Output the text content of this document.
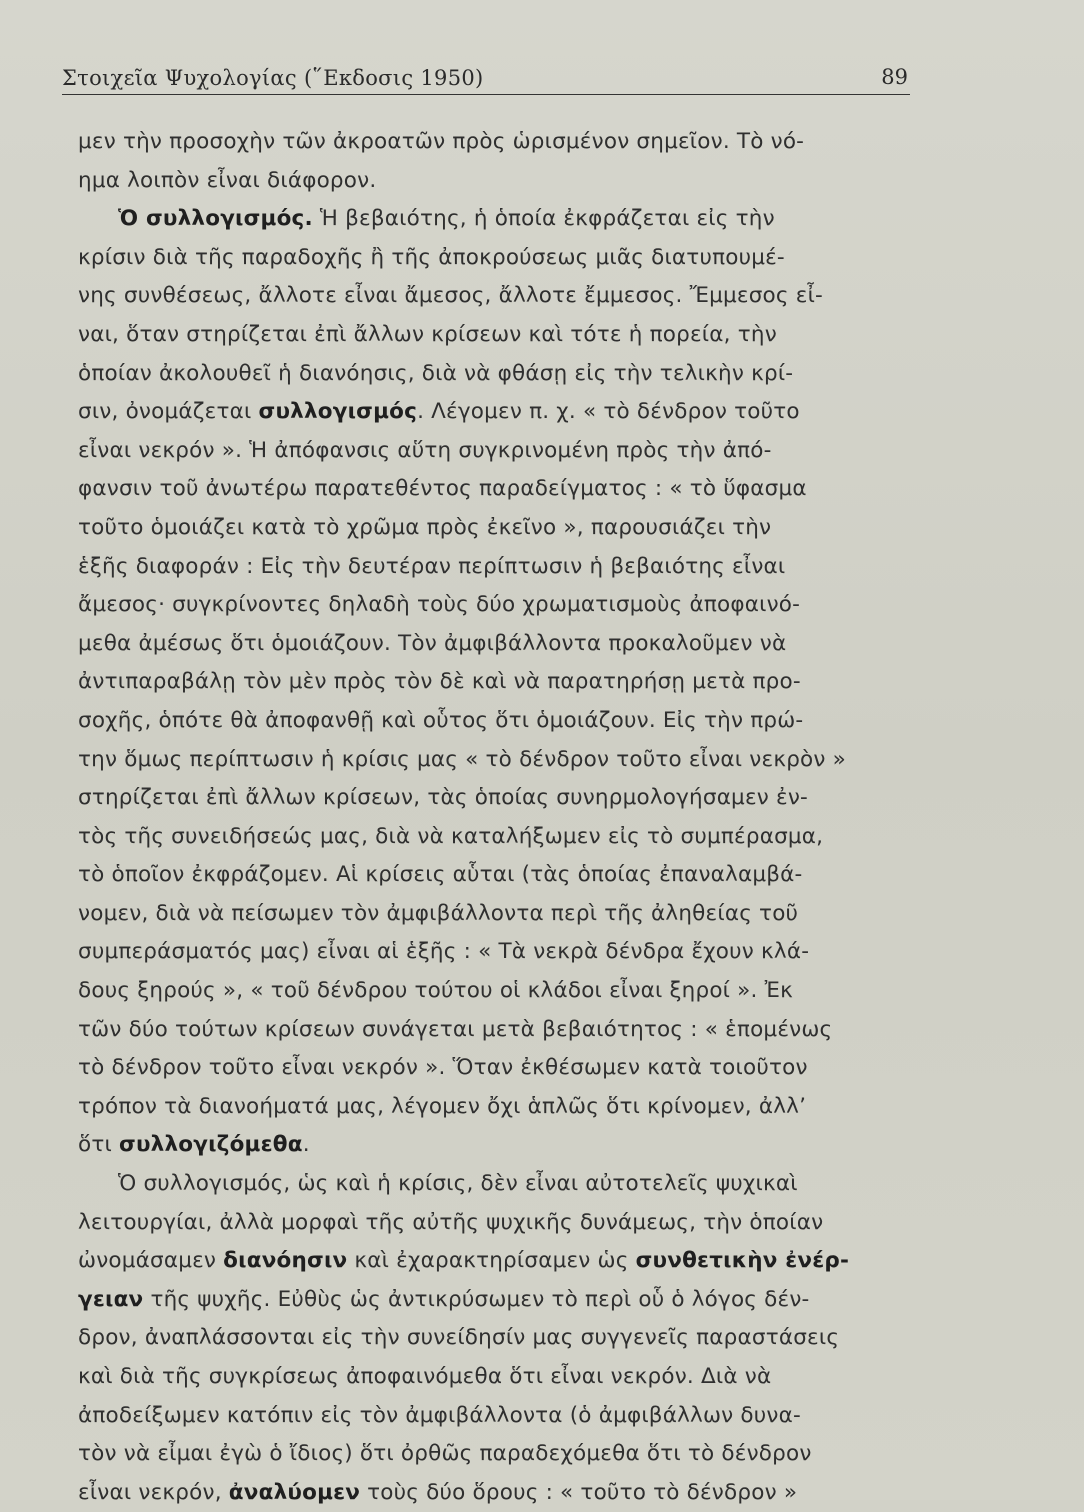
Στοιχεῖα Ψυχολογίας (῞Εκδοσις 1950)	89
μεν τὴν προσοχὴν τῶν ἀκροατῶν πρὸς ὡρισμένον σημεῖον. Τὸ νό-
ημα λοιπὸν εἶναι διάφορον.
Ὁ συλλογισμός. Ἡ βεβαιότης, ἡ ὁποία ἐκφράζεται εἰς τὴν
κρίσιν διὰ τῆς παραδοχῆς ἢ τῆς ἀποκρούσεως μιᾶς διατυπουμέ-
νης συνθέσεως, ἄλλοτε εἶναι ἄμεσος, ἄλλοτε ἔμμεσος. Ἔμμεσος εἶ-
ναι, ὅταν στηρίζεται ἐπὶ ἄλλων κρίσεων καὶ τότε ἡ πορεία, τὴν
ὁποίαν ἀκολουθεῖ ἡ διανόησις, διὰ νὰ φθάσῃ εἰς τὴν τελικὴν κρί-
σιν, ὀνομάζεται συλλογισμός. Λέγομεν π. χ. « τὸ δένδρον τοῦτο
εἶναι νεκρόν ». Ἡ ἀπόφανσις αὕτη συγκρινομένη πρὸς τὴν ἀπό-
φανσιν τοῦ ἀνωτέρω παρατεθέντος παραδείγματος : « τὸ ὕφασμα
τοῦτο ὁμοιάζει κατὰ τὸ χρῶμα πρὸς ἐκεῖνο », παρουσιάζει τὴν
ἑξῆς διαφοράν : Εἰς τὴν δευτέραν περίπτωσιν ἡ βεβαιότης εἶναι
ἄμεσος· συγκρίνοντες δηλαδὴ τοὺς δύο χρωματισμοὺς ἀποφαινό-
μεθα ἀμέσως ὅτι ὁμοιάζουν. Τὸν ἀμφιβάλλοντα προκαλοῦμεν νὰ
ἀντιπαραβάλῃ τὸν μὲν πρὸς τὸν δὲ καὶ νὰ παρατηρήσῃ μετὰ προ-
σοχῆς, ὁπότε θὰ ἀποφανθῇ καὶ οὗτος ὅτι ὁμοιάζουν. Εἰς τὴν πρώ-
την ὅμως περίπτωσιν ἡ κρίσις μας « τὸ δένδρον τοῦτο εἶναι νεκρὸν »
στηρίζεται ἐπὶ ἄλλων κρίσεων, τὰς ὁποίας συνηρμολογήσαμεν ἐν-
τὸς τῆς συνειδήσεώς μας, διὰ νὰ καταλήξωμεν εἰς τὸ συμπέρασμα,
τὸ ὁποῖον ἐκφράζομεν. Αἱ κρίσεις αὗται (τὰς ὁποίας ἐπαναλαμβά-
νομεν, διὰ νὰ πείσωμεν τὸν ἀμφιβάλλοντα περὶ τῆς ἀληθείας τοῦ
συμπεράσματός μας) εἶναι αἱ ἑξῆς : « Τὰ νεκρὰ δένδρα ἔχουν κλά-
δους ξηρούς », « τοῦ δένδρου τούτου οἱ κλάδοι εἶναι ξηροί ». Ἐκ
τῶν δύο τούτων κρίσεων συνάγεται μετὰ βεβαιότητος : « ἑπομένως
τὸ δένδρον τοῦτο εἶναι νεκρόν ». Ὅταν ἐκθέσωμεν κατὰ τοιοῦτον
τρόπον τὰ διανοήματά μας, λέγομεν ὄχι ἁπλῶς ὅτι κρίνομεν, ἀλλ’
ὅτι συλλογιζόμεθα.
Ὁ συλλογισμός, ὡς καὶ ἡ κρίσις, δὲν εἶναι αὐτοτελεῖς ψυχικαὶ
λειτουργίαι, ἀλλὰ μορφαὶ τῆς αὐτῆς ψυχικῆς δυνάμεως, τὴν ὁποίαν
ὠνομάσαμεν διανόησιν καὶ ἐχαρακτηρίσαμεν ὡς συνθετικὴν ἐνέρ-
γειαν τῆς ψυχῆς. Εὐθὺς ὡς ἀντικρύσωμεν τὸ περὶ οὗ ὁ λόγος δέν-
δρον, ἀναπλάσσονται εἰς τὴν συνείδησίν μας συγγενεῖς παραστάσεις
καὶ διὰ τῆς συγκρίσεως ἀποφαινόμεθα ὅτι εἶναι νεκρόν. Διὰ νὰ
ἀποδείξωμεν κατόπιν εἰς τὸν ἀμφιβάλλοντα (ὁ ἀμφιβάλλων δυνα-
τὸν νὰ εἶμαι ἐγὼ ὁ ἴδιος) ὅτι ὀρθῶς παραδεχόμεθα ὅτι τὸ δένδρον
εἶναι νεκρόν, ἀναλύομεν τοὺς δύο ὅρους : « τοῦτο τὸ δένδρον »
